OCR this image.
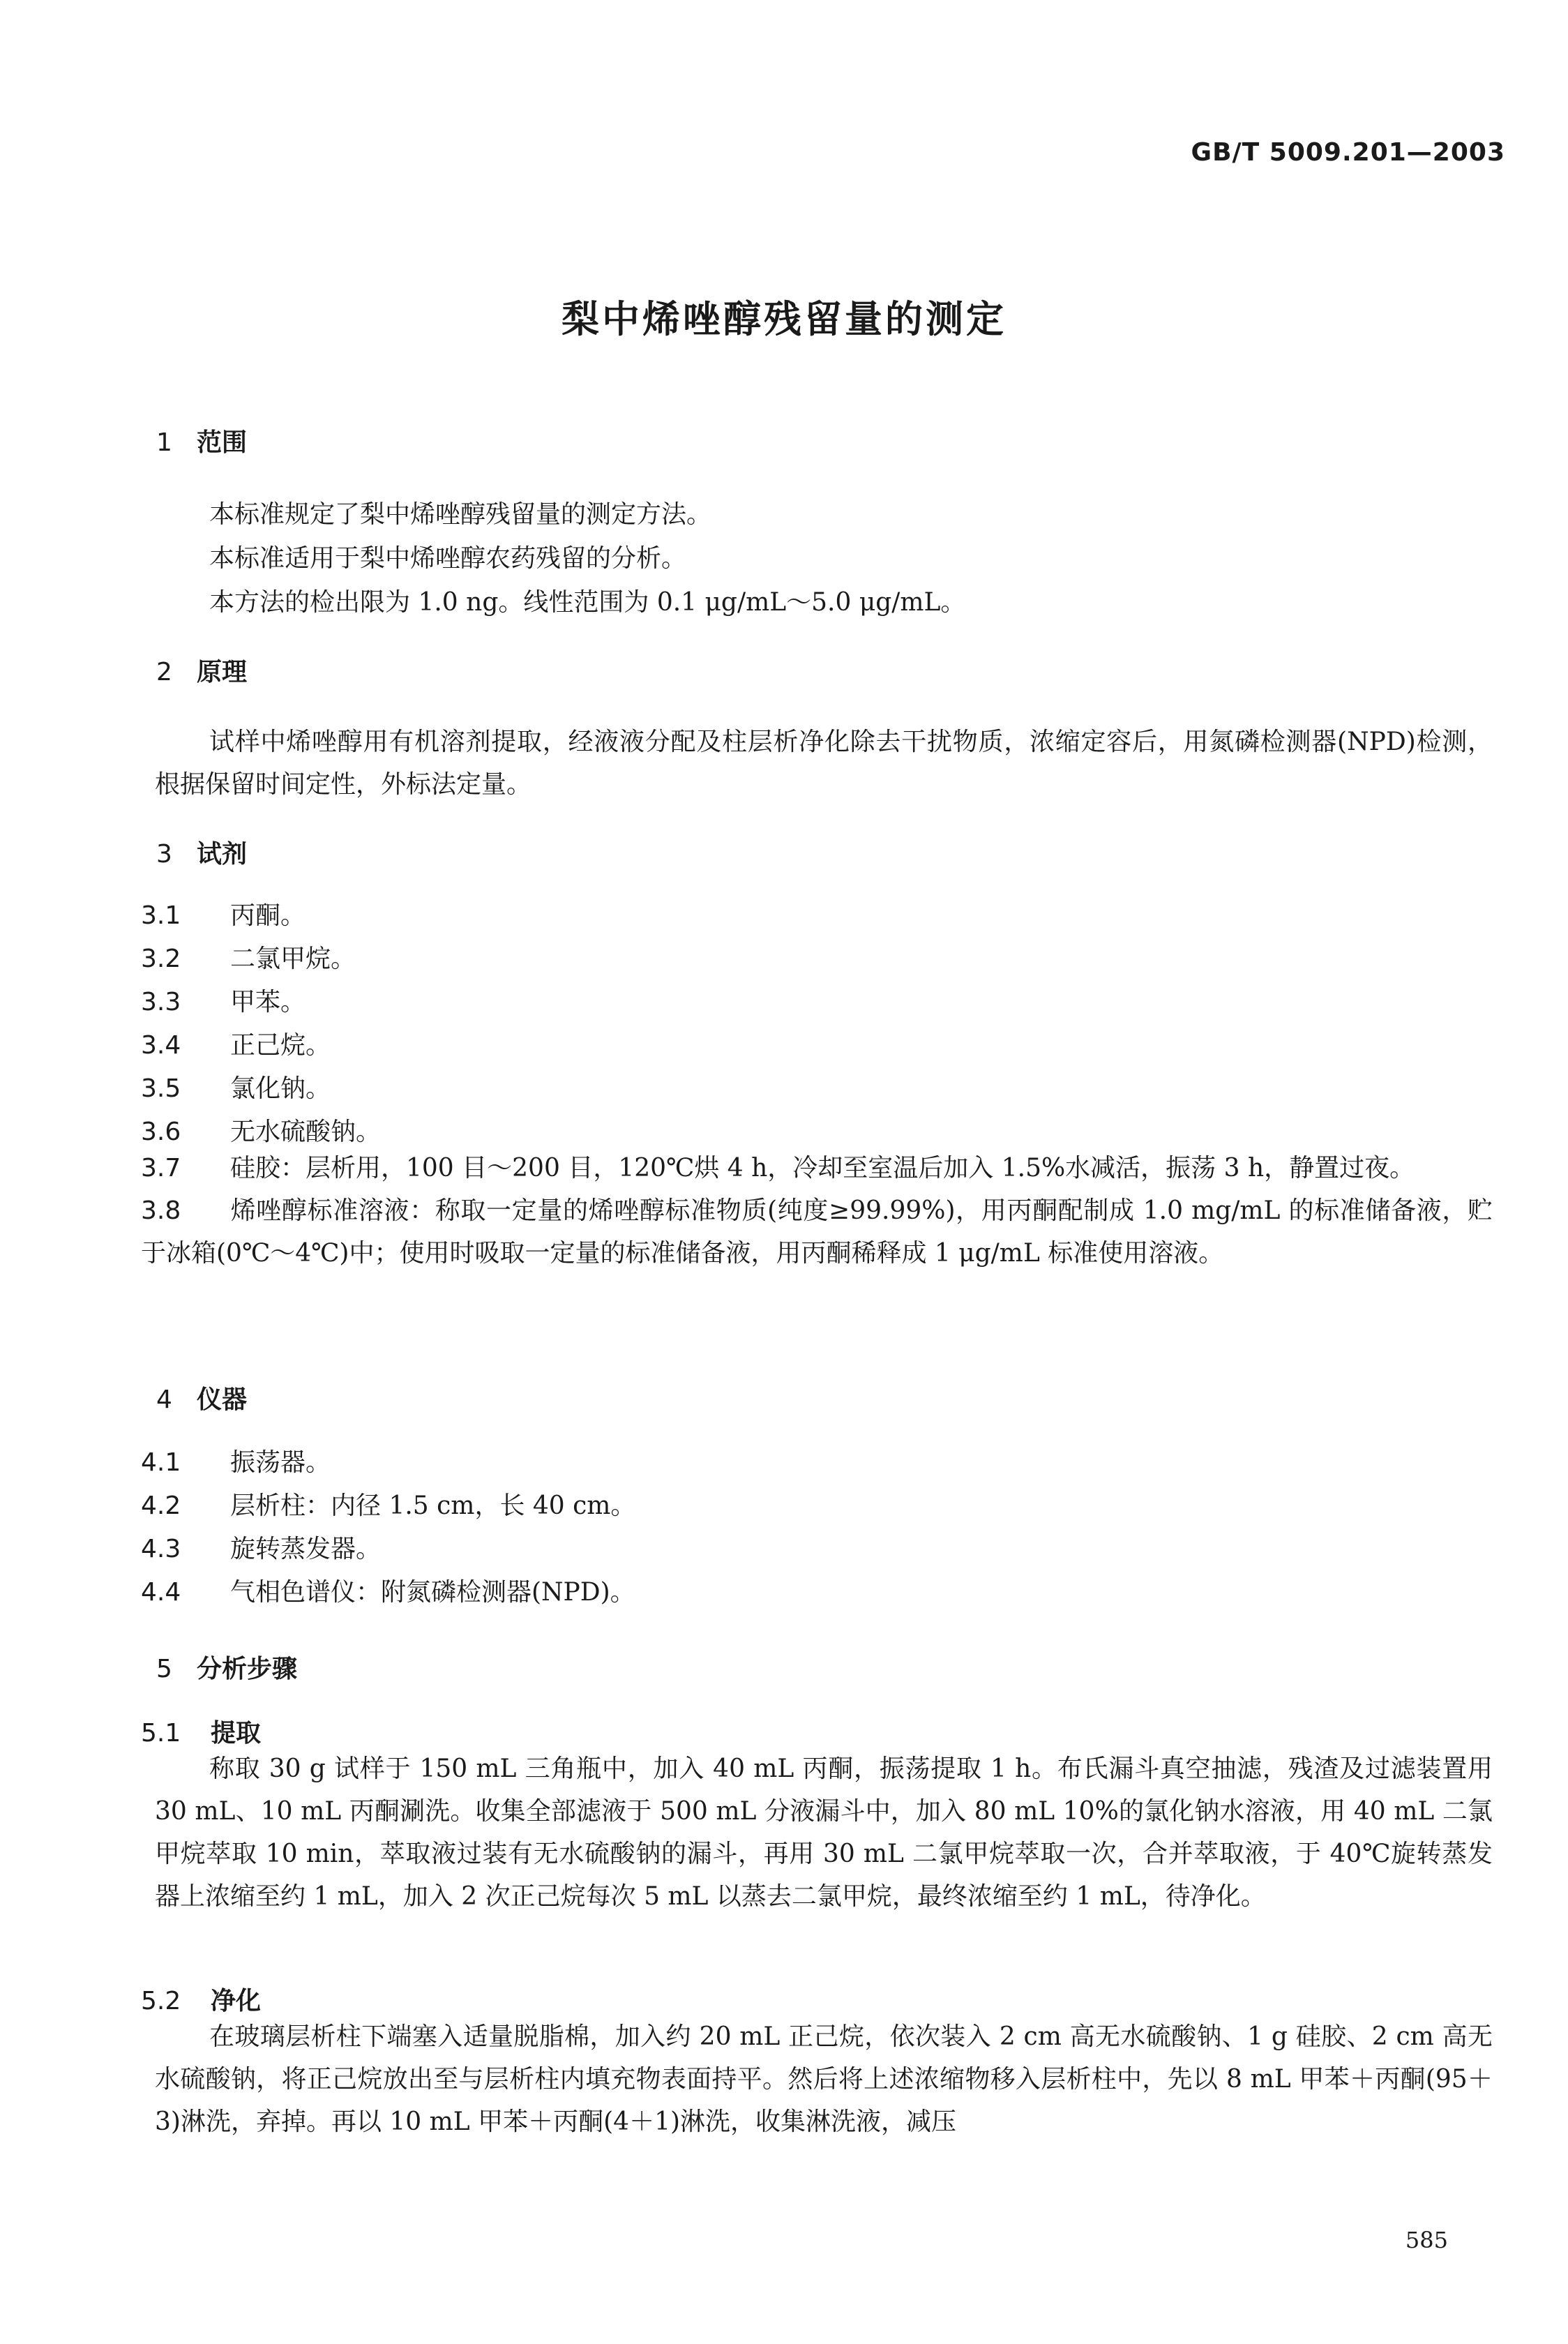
GB/T 5009.201—2003
梨中烯唑醇残留量的测定
1 范围
本标准规定了梨中烯唑醇残留量的测定方法。
本标准适用于梨中烯唑醇农药残留的分析。
本方法的检出限为 1.0 ng。线性范围为 0.1 μg/mL～5.0 μg/mL。
2 原理
试样中烯唑醇用有机溶剂提取，经液液分配及柱层析净化除去干扰物质，浓缩定容后，用氮磷检测器(NPD)检测，根据保留时间定性，外标法定量。
3 试剂
3.1 丙酮。
3.2 二氯甲烷。
3.3 甲苯。
3.4 正己烷。
3.5 氯化钠。
3.6 无水硫酸钠。
3.7 硅胶：层析用，100 目～200 目，120℃烘 4 h，冷却至室温后加入 1.5%水减活，振荡 3 h，静置过夜。
3.8 烯唑醇标准溶液：称取一定量的烯唑醇标准物质(纯度≥99.99%)，用丙酮配制成 1.0 mg/mL 的标准储备液，贮于冰箱(0℃～4℃)中；使用时吸取一定量的标准储备液，用丙酮稀释成 1 μg/mL 标准使用溶液。
4 仪器
4.1 振荡器。
4.2 层析柱：内径 1.5 cm，长 40 cm。
4.3 旋转蒸发器。
4.4 气相色谱仪：附氮磷检测器(NPD)。
5 分析步骤
5.1 提取
称取 30 g 试样于 150 mL 三角瓶中，加入 40 mL 丙酮，振荡提取 1 h。布氏漏斗真空抽滤，残渣及过滤装置用 30 mL、10 mL 丙酮涮洗。收集全部滤液于 500 mL 分液漏斗中，加入 80 mL 10%的氯化钠水溶液，用 40 mL 二氯甲烷萃取 10 min，萃取液过装有无水硫酸钠的漏斗，再用 30 mL 二氯甲烷萃取一次，合并萃取液，于 40℃旋转蒸发器上浓缩至约 1 mL，加入 2 次正己烷每次 5 mL 以蒸去二氯甲烷，最终浓缩至约 1 mL，待净化。
5.2 净化
在玻璃层析柱下端塞入适量脱脂棉，加入约 20 mL 正己烷，依次装入 2 cm 高无水硫酸钠、1 g 硅胶、2 cm 高无水硫酸钠，将正己烷放出至与层析柱内填充物表面持平。然后将上述浓缩物移入层析柱中，先以 8 mL 甲苯＋丙酮(95＋3)淋洗，弃掉。再以 10 mL 甲苯＋丙酮(4＋1)淋洗，收集淋洗液，减压
585
